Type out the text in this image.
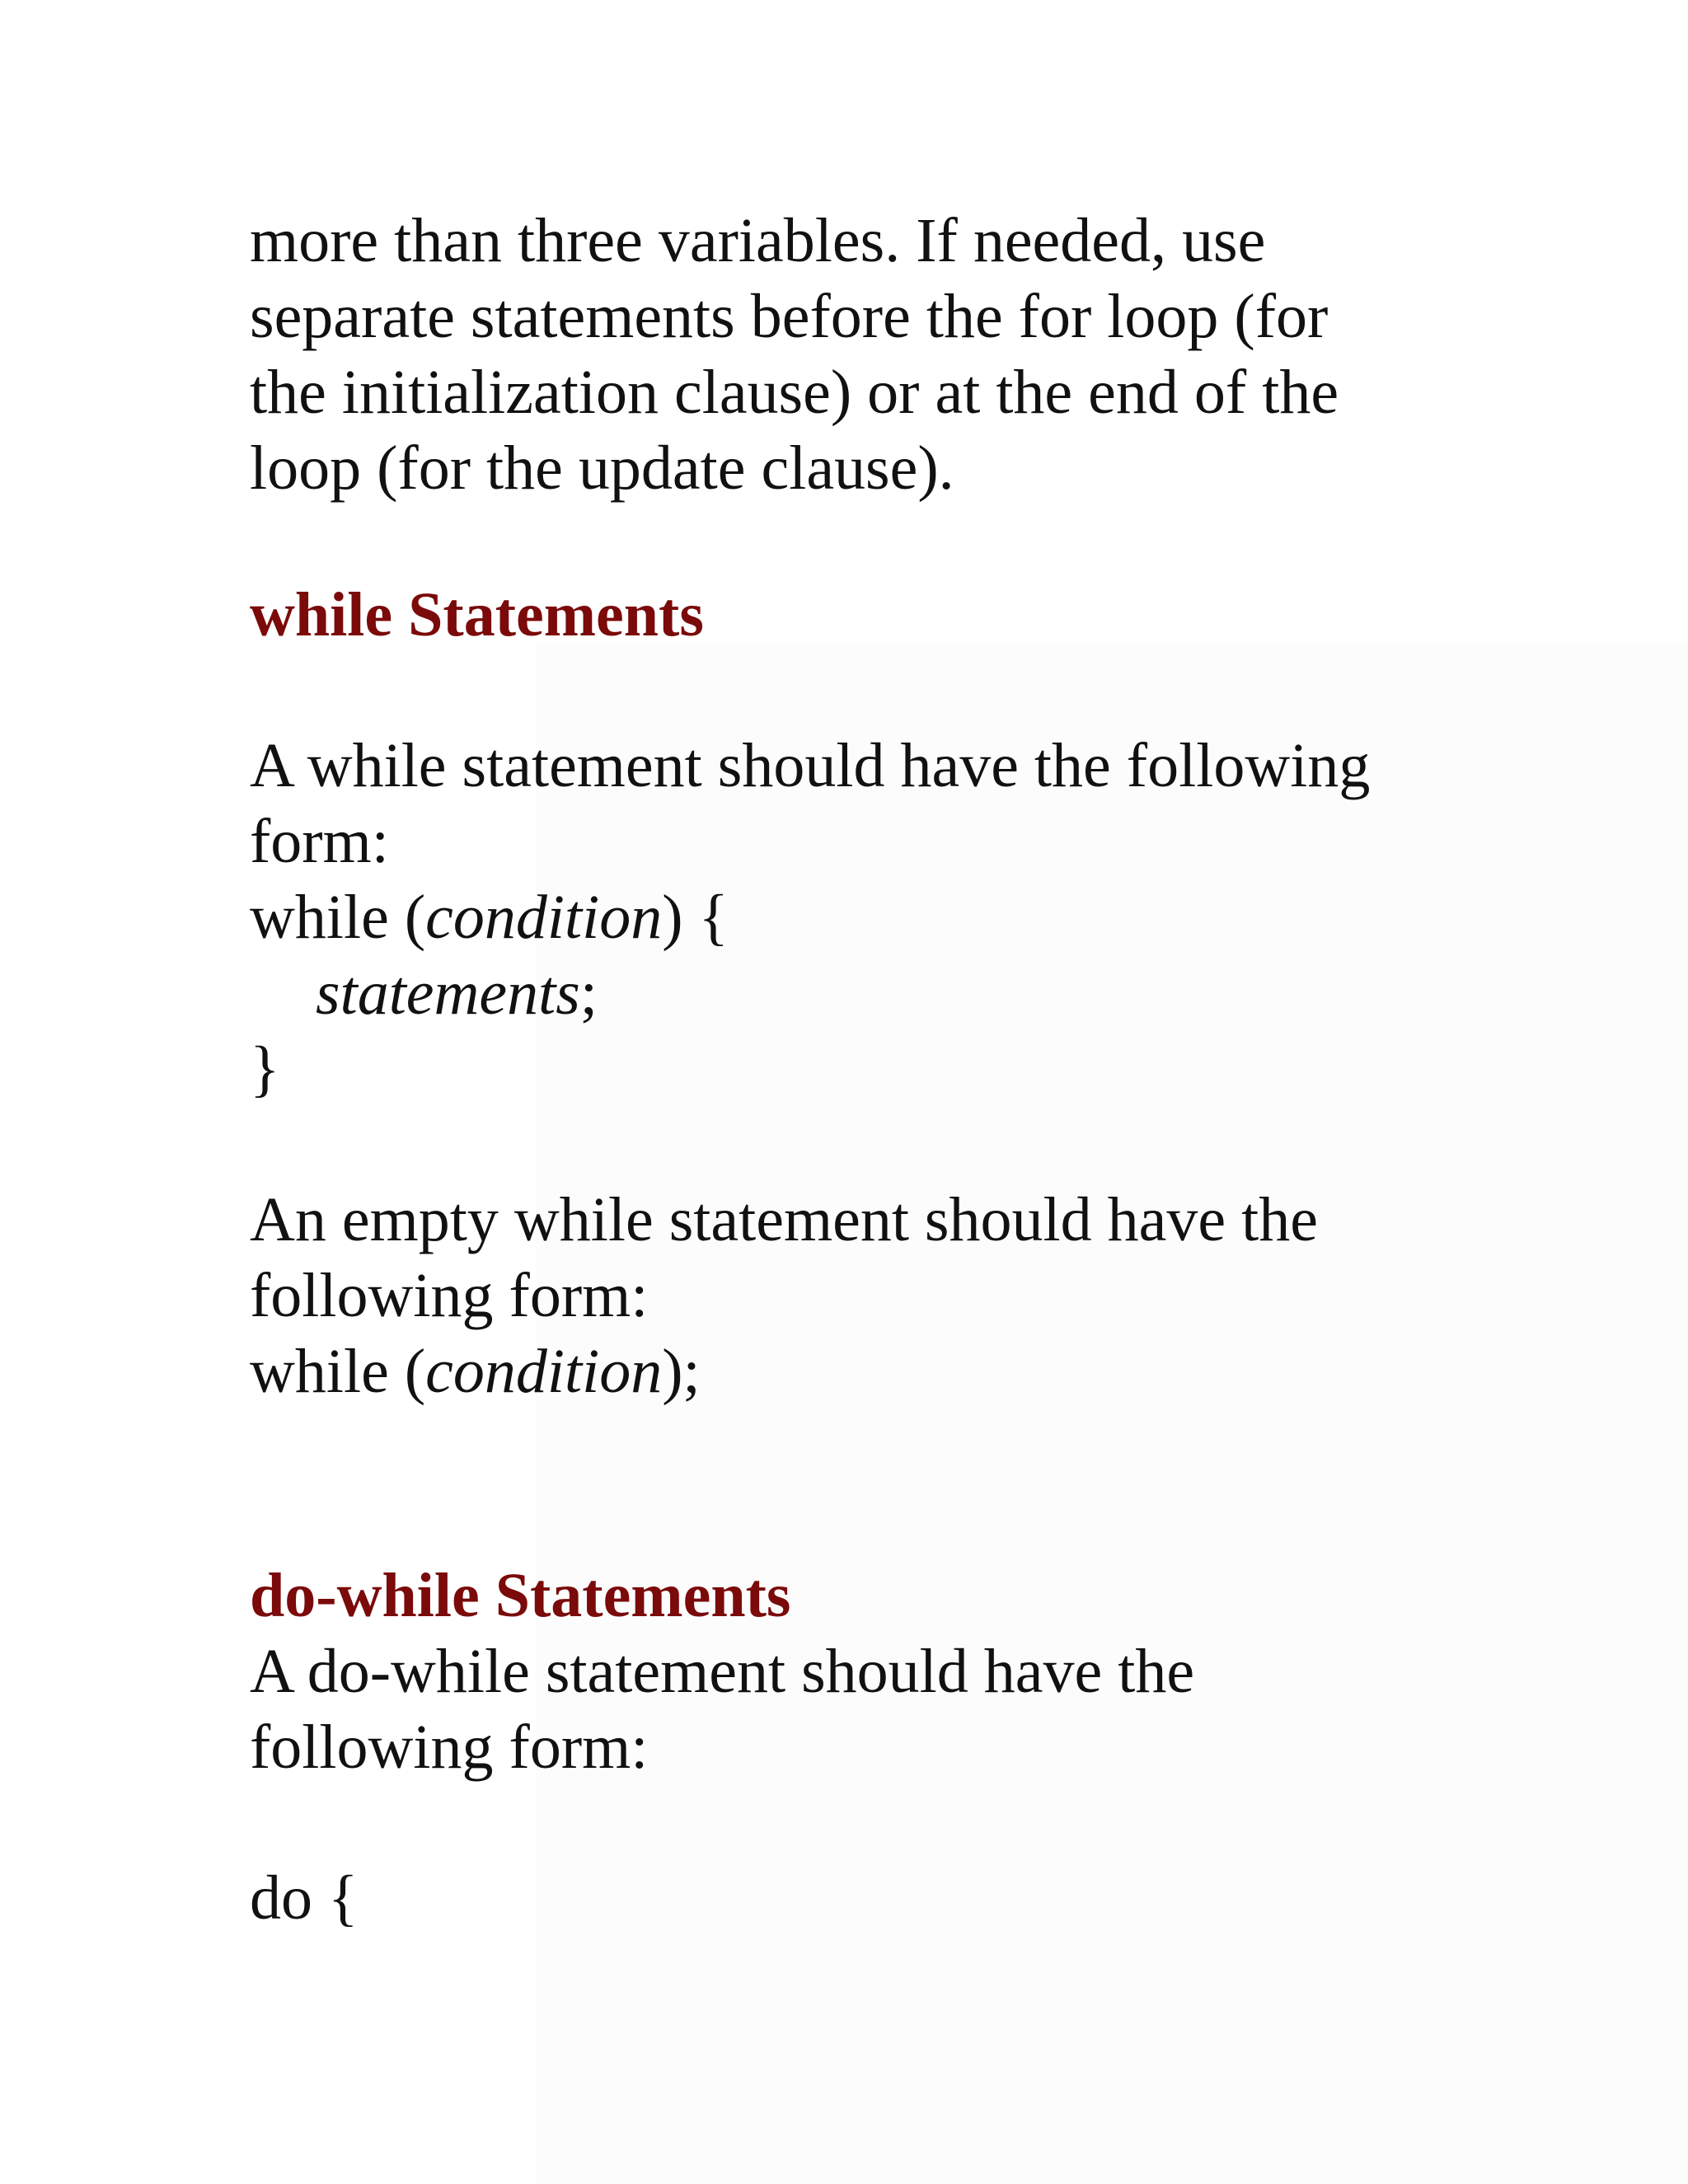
more than three variables. If needed, use
separate statements before the for loop (for
the initialization clause) or at the end of the
loop (for the update clause).
while Statements
A while statement should have the following
form:
while (condition) {
statements;
}
An empty while statement should have the
following form:
while (condition);
do-while Statements
A do-while statement should have the
following form:
do {
